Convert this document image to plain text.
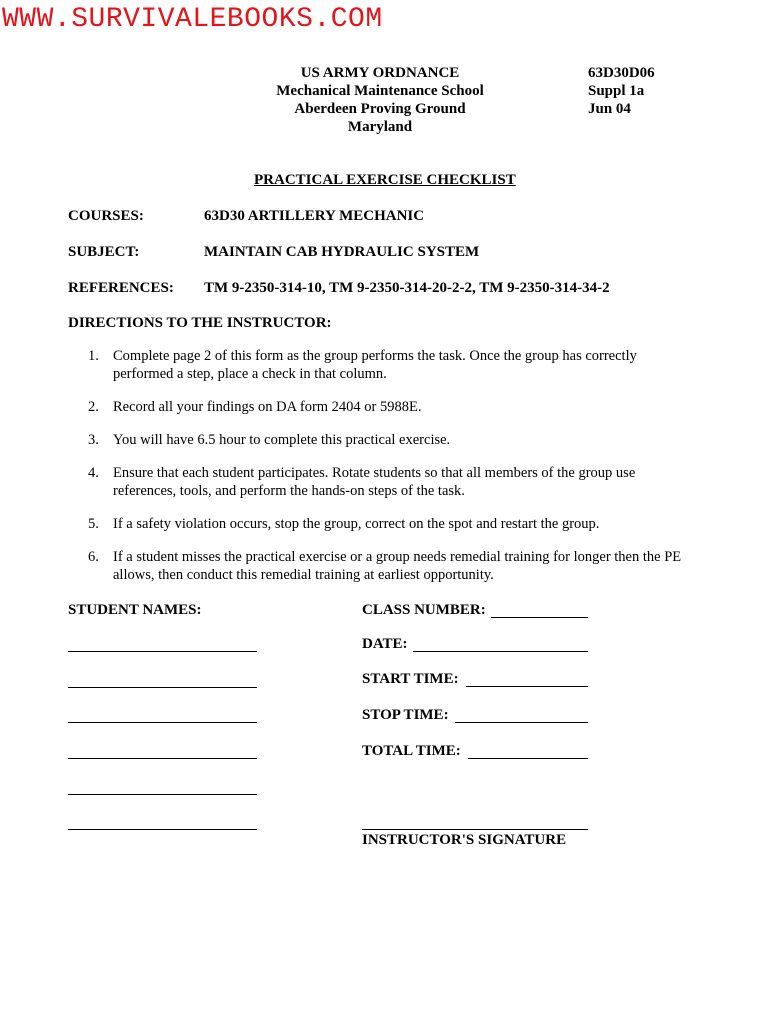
WWW.SURVIVALEBOOKS.COM
US ARMY ORDNANCE
Mechanical Maintenance School
Aberdeen Proving Ground
Maryland
63D30D06
Suppl 1a
Jun 04
PRACTICAL EXERCISE CHECKLIST
COURSES:	63D30 ARTILLERY MECHANIC
SUBJECT:	MAINTAIN CAB HYDRAULIC SYSTEM
REFERENCES: TM 9-2350-314-10, TM 9-2350-314-20-2-2, TM 9-2350-314-34-2
DIRECTIONS TO THE INSTRUCTOR:
1. Complete page 2 of this form as the group performs the task. Once the group has correctly performed a step, place a check in that column.
2. Record all your findings on DA form 2404 or 5988E.
3. You will have 6.5 hour to complete this practical exercise.
4. Ensure that each student participates. Rotate students so that all members of the group use references, tools, and perform the hands-on steps of the task.
5. If a safety violation occurs, stop the group, correct on the spot and restart the group.
6. If a student misses the practical exercise or a group needs remedial training for longer then the PE allows, then conduct this remedial training at earliest opportunity.
STUDENT NAMES:	CLASS NUMBER:
DATE:
START TIME:
STOP TIME:
TOTAL TIME:
INSTRUCTOR'S SIGNATURE
